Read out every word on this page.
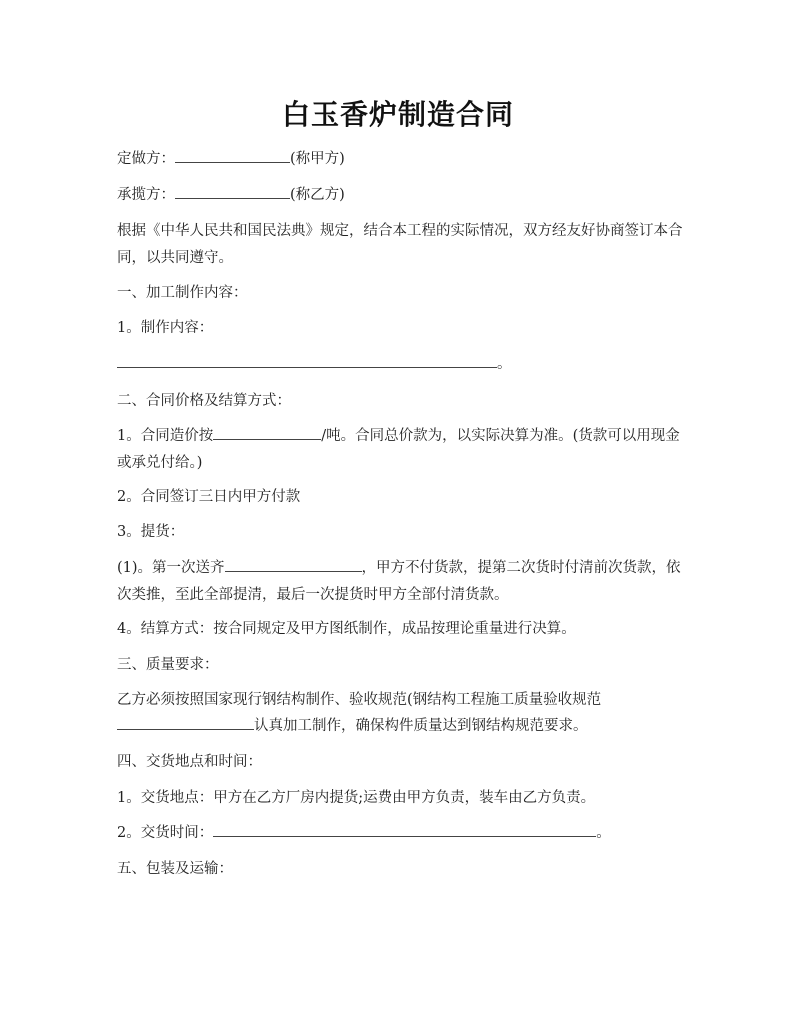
白玉香炉制造合同
定做方：	(称甲方)
承揽方：	(称乙方)
根据《中华人民共和国民法典》规定，结合本工程的实际情况，双方经友好协商签订本合同，以共同遵守。
一、加工制作内容：
1。制作内容：
。
二、合同价格及结算方式：
1。合同造价按	/吨。合同总价款为，以实际决算为准。(货款可以用现金或承兑付给。)
2。合同签订三日内甲方付款
3。提货：
(1)。第一次送齐	，甲方不付货款，提第二次货时付清前次货款，依次类推，至此全部提清，最后一次提货时甲方全部付清货款。
4。结算方式：按合同规定及甲方图纸制作，成品按理论重量进行决算。
三、质量要求：
乙方必须按照国家现行钢结构制作、验收规范(钢结构工程施工质量验收规范
认真加工制作，确保构件质量达到钢结构规范要求。
四、交货地点和时间：
1。交货地点：甲方在乙方厂房内提货;运费由甲方负责，装车由乙方负责。
2。交货时间：	。
五、包装及运输：
